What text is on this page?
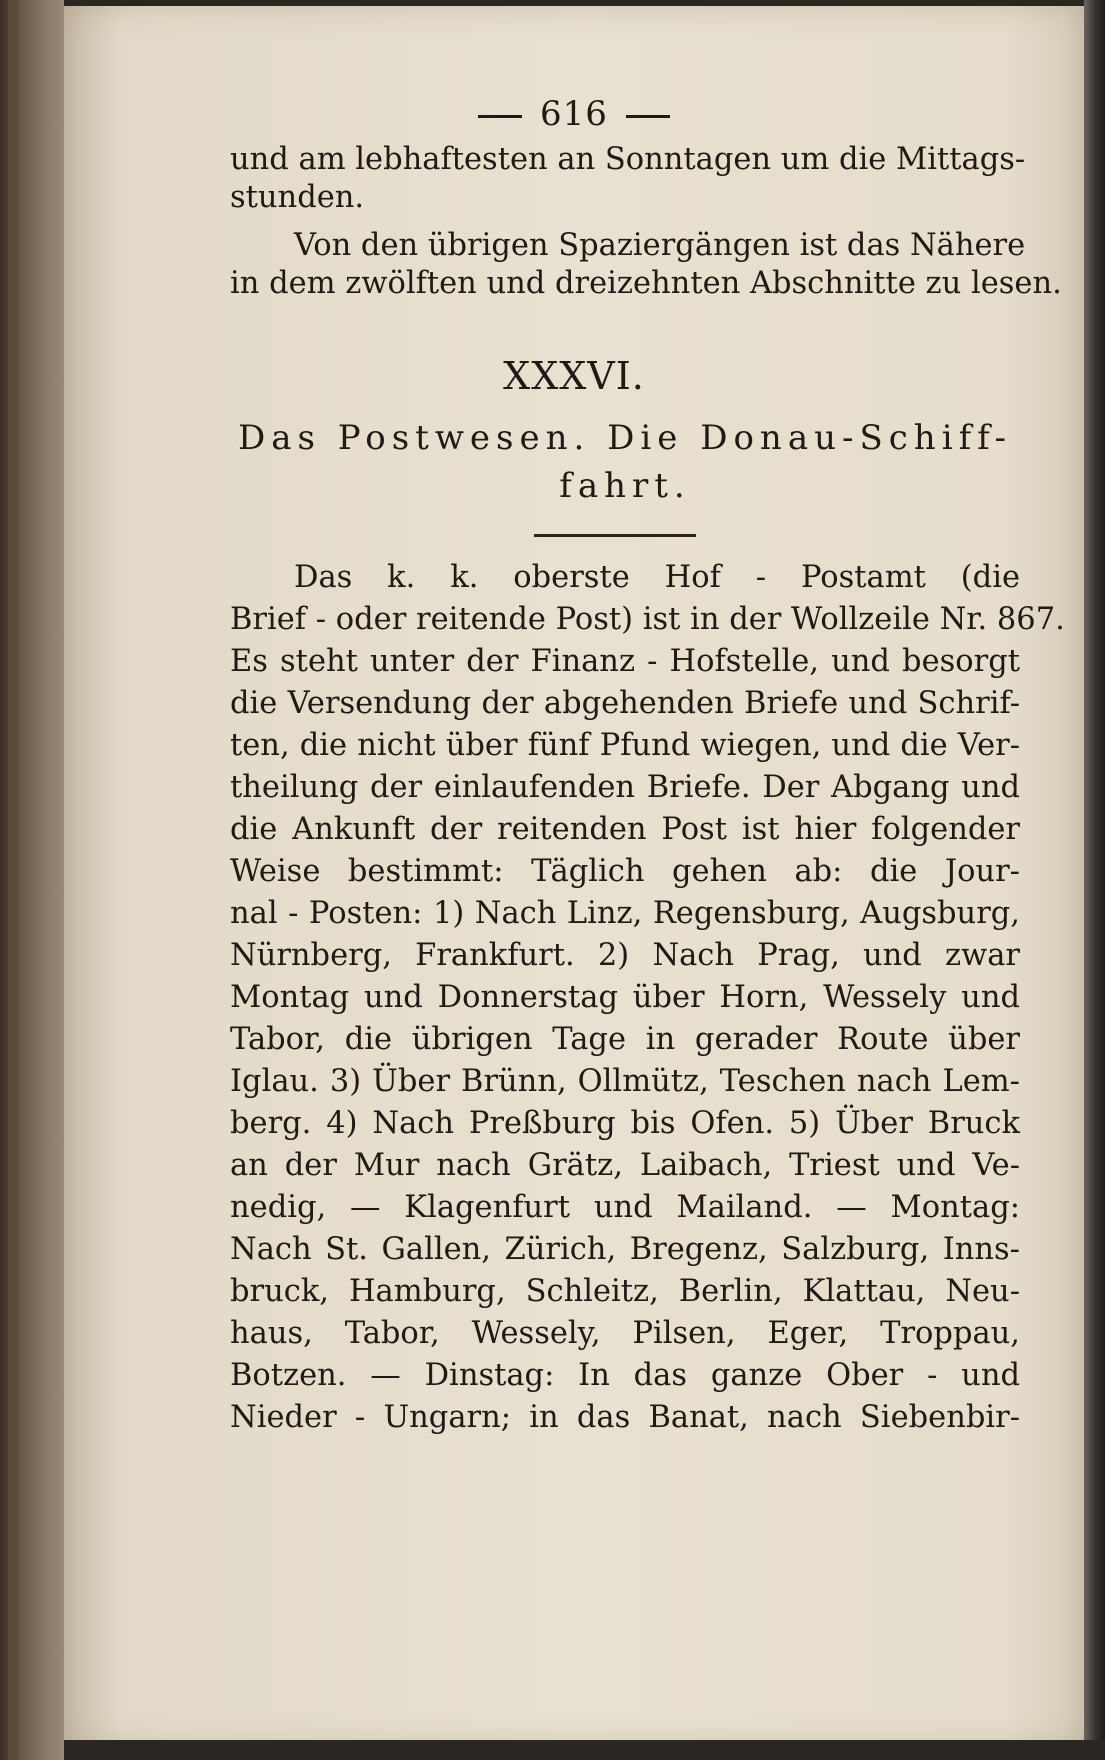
616
und am lebhaftesten an Sonntagen um die Mittags-
stunden.
Von den übrigen Spaziergängen ist das Nähere
in dem zwölften und dreizehnten Abschnitte zu lesen.
XXXVI.
Das Postwesen. Die Donau-Schiff-
fahrt.
Das k. k. oberste Hof - Postamt (die
Brief - oder reitende Post) ist in der Wollzeile Nr. 867.
Es steht unter der Finanz - Hofstelle, und besorgt
die Versendung der abgehenden Briefe und Schrif-
ten, die nicht über fünf Pfund wiegen, und die Ver-
theilung der einlaufenden Briefe. Der Abgang und
die Ankunft der reitenden Post ist hier folgender
Weise bestimmt: Täglich gehen ab: die Jour-
nal - Posten: 1) Nach Linz, Regensburg, Augsburg,
Nürnberg, Frankfurt. 2) Nach Prag, und zwar
Montag und Donnerstag über Horn, Wessely und
Tabor, die übrigen Tage in gerader Route über
Iglau. 3) Über Brünn, Ollmütz, Teschen nach Lem-
berg. 4) Nach Preßburg bis Ofen. 5) Über Bruck
an der Mur nach Grätz, Laibach, Triest und Ve-
nedig, — Klagenfurt und Mailand. — Montag:
Nach St. Gallen, Zürich, Bregenz, Salzburg, Inns-
bruck, Hamburg, Schleitz, Berlin, Klattau, Neu-
haus, Tabor, Wessely, Pilsen, Eger, Troppau,
Botzen. — Dinstag: In das ganze Ober - und
Nieder - Ungarn; in das Banat, nach Siebenbir-
